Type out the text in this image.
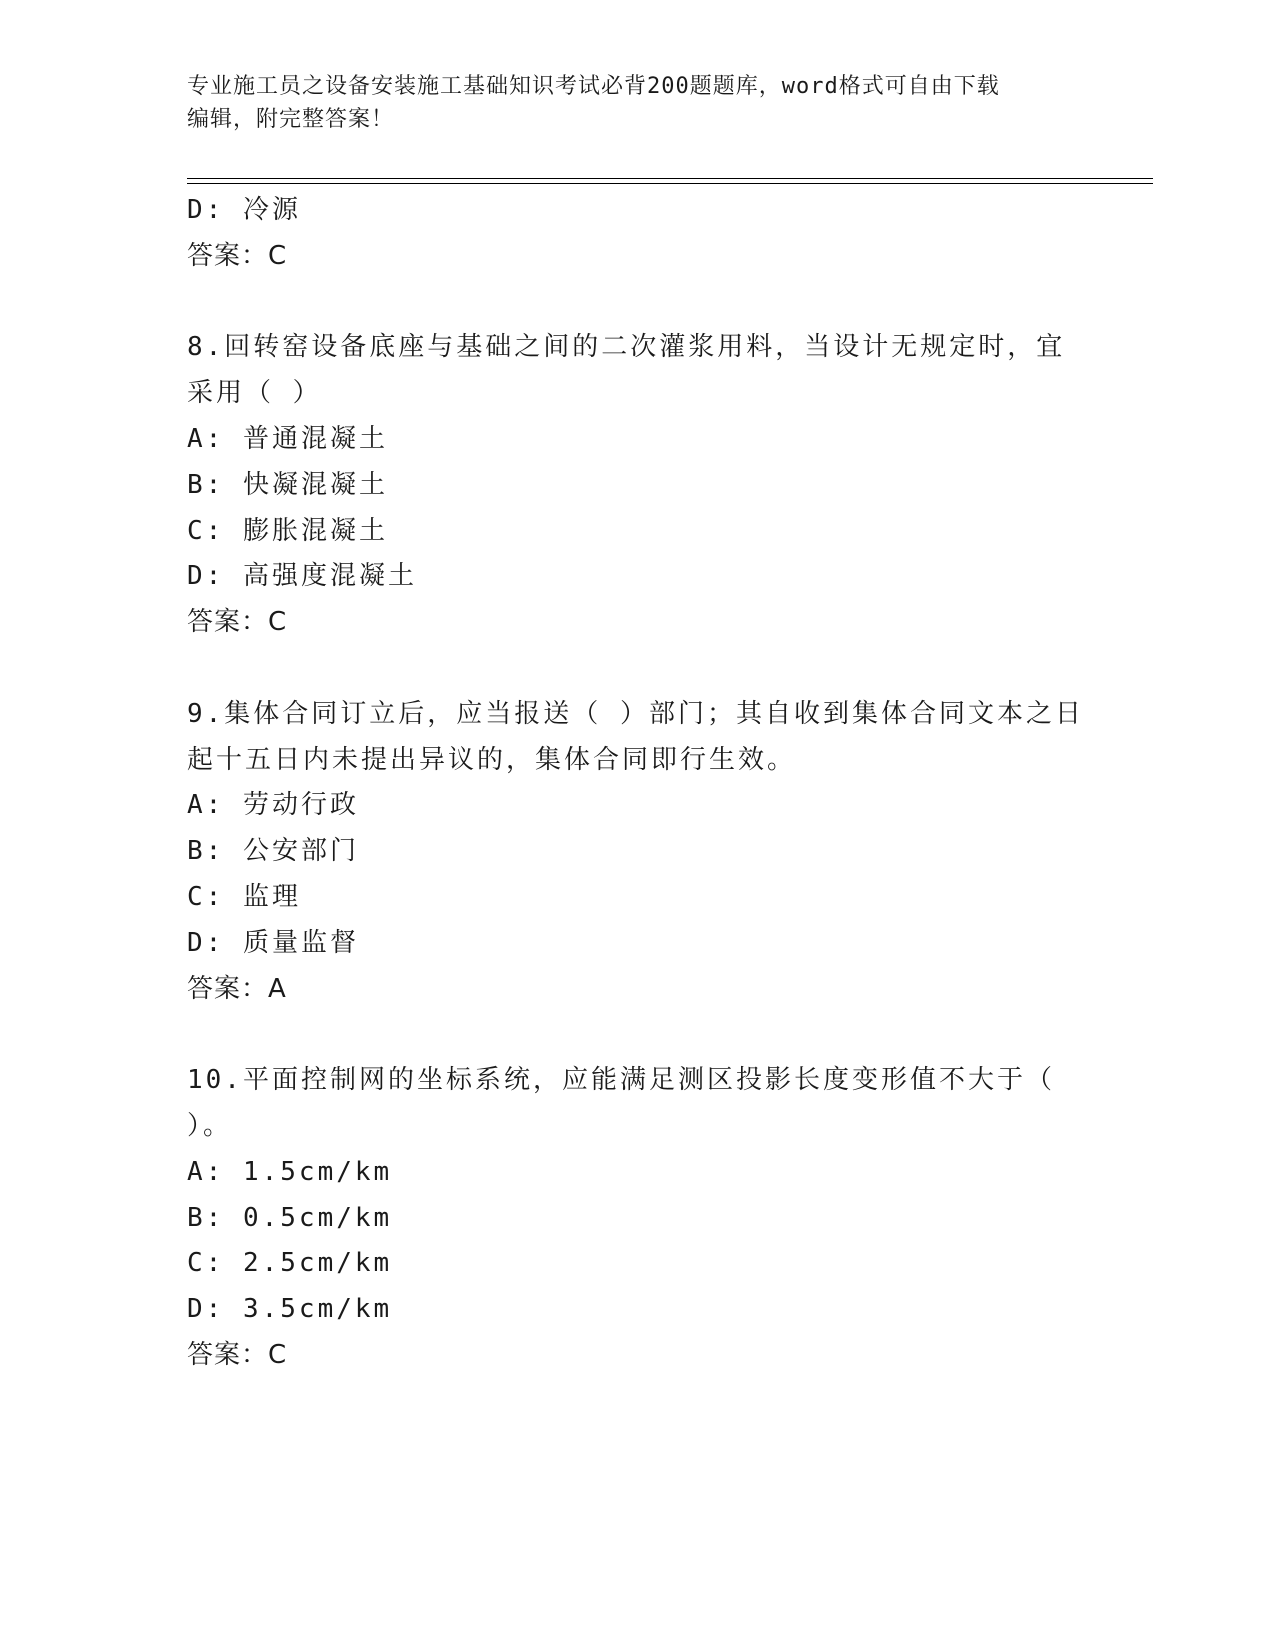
专业施工员之设备安装施工基础知识考试必背200题题库，word格式可自由下载
编辑，附完整答案！
D: 冷源
答案：C
8.回转窑设备底座与基础之间的二次灌浆用料，当设计无规定时，宜
采用（ ）
A: 普通混凝土
B: 快凝混凝土
C: 膨胀混凝土
D: 高强度混凝土
答案：C
9.集体合同订立后，应当报送（ ）部门；其自收到集体合同文本之日
起十五日内未提出异议的，集体合同即行生效。
A: 劳动行政
B: 公安部门
C: 监理
D: 质量监督
答案：A
10.平面控制网的坐标系统，应能满足测区投影长度变形值不大于（
）。
A: 1.5cm/km
B: 0.5cm/km
C: 2.5cm/km
D: 3.5cm/km
答案：C
